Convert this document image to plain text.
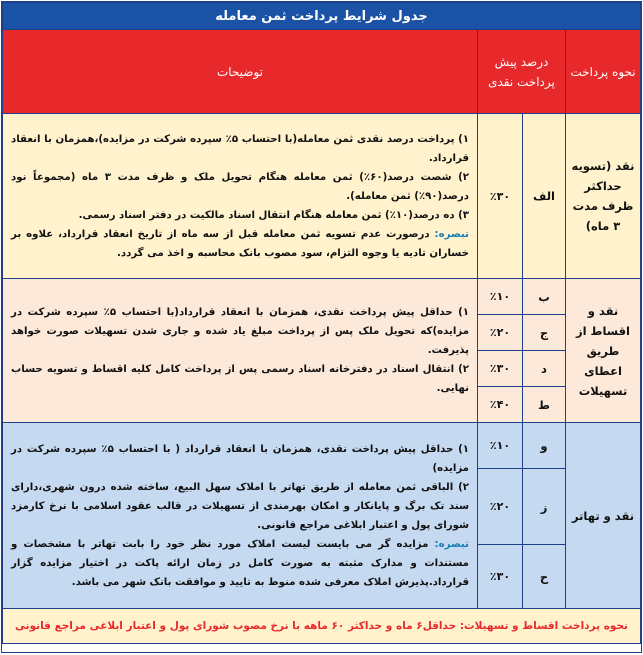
جدول شرایط پرداخت ثمن معامله			
نحوه پرداخت	درصد پیش پرداخت نقدی		توضیحات
نقد (تسویه حداکثر ظرف مدت ۳ ماه)	الف	٪۳۰	۱) پرداخت درصد نقدی ثمن معامله(با احتساب ۵٪ سپرده شرکت در مزایده)،همزمان با انعقاد قرارداد.

۲) شصت درصد(۶۰٪) ثمن معامله هنگام تحویل ملک و ظرف مدت ۳ ماه (مجموعاً نود درصد(۹۰٪) ثمن معامله).

۳) ده درصد(۱۰٪) ثمن معامله هنگام انتقال اسناد مالکیت در دفتر اسناد رسمی.

تبصره: درصورت عدم تسویه ثمن معامله قبل از سه ماه از تاریخ انعقاد قرارداد، علاوه بر خساران تادیه یا وجوه التزام، سود مصوب بانک محاسبه و اخذ می گردد.

نقد و اقساط از طریق اعطای تسهیلات	ب	٪۱۰	۱) حداقل پیش پرداخت نقدی، همزمان با انعقاد قرارداد(با احتساب ۵٪ سپرده شرکت در مزایده)که تحویل ملک پس از پرداخت مبلغ یاد شده و جاری شدن تسهیلات صورت خواهد پذیرفت.

۲) انتقال اسناد در دفترخانه اسناد رسمی پس از پرداخت کامل کلیه اقساط و تسویه حساب نهایی.

	ج	٪۲۰	
	د	٪۳۰	
	ط	٪۴۰	
نقد و تهاتر	و	٪۱۰	۱) حداقل پیش پرداخت نقدی، همزمان با انعقاد قرارداد ( با احتساب ۵٪ سپرده شرکت در مزایده)

۲) الباقی ثمن معامله از طریق تهاتر با املاک سهل البیع، ساخته شده درون شهری،دارای سند تک برگ و پایانکار و امکان بهرمندی از تسهیلات در قالب عقود اسلامی با نرخ کارمزد شورای پول و اعتبار ابلاغی مراجع قانونی.

تبصره: مزایده گر می بایست لیست املاک مورد نظر خود را بابت تهاتر با مشخصات و مستندات و مدارک مثبته به صورت کامل در زمان ارائه پاکت در اختیار مزایده گزار قرارداد.پذیرش املاک معرفی شده منوط به تایید و موافقت بانک شهر می باشد.

	ز	٪۲۰	
	ح	٪۳۰	
نحوه پرداخت اقساط و تسهیلات: حداقل۶ ماه و حداکثر ۶۰ ماهه با نرخ مصوب شورای پول و اعتبار ابلاغی مراجع قانونی			
